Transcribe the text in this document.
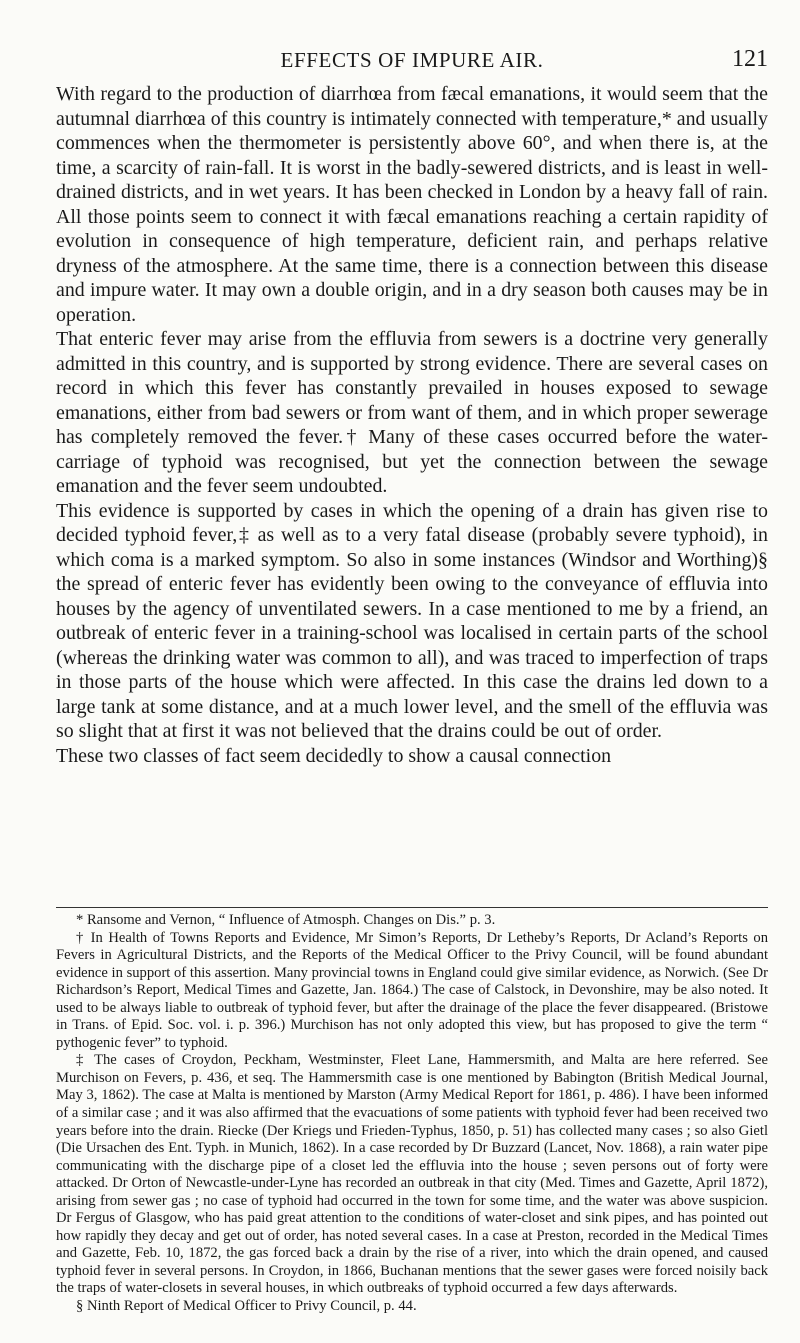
EFFECTS OF IMPURE AIR.	121

With regard to the production of diarrhœa from fæcal emanations, it would seem that the autumnal diarrhœa of this country is intimately connected with temperature,* and usually commences when the thermometer is persistently above 60°, and when there is, at the time, a scarcity of rain-fall. It is worst in the badly-sewered districts, and is least in well-drained districts, and in wet years. It has been checked in London by a heavy fall of rain. All those points seem to connect it with fæcal emanations reaching a certain rapidity of evolution in consequence of high temperature, deficient rain, and perhaps relative dryness of the atmosphere. At the same time, there is a connection between this disease and impure water. It may own a double origin, and in a dry season both causes may be in operation.

That enteric fever may arise from the effluvia from sewers is a doctrine very generally admitted in this country, and is supported by strong evidence. There are several cases on record in which this fever has constantly prevailed in houses exposed to sewage emanations, either from bad sewers or from want of them, and in which proper sewerage has completely removed the fever.† Many of these cases occurred before the water-carriage of typhoid was recognised, but yet the connection between the sewage emanation and the fever seem undoubted.

This evidence is supported by cases in which the opening of a drain has given rise to decided typhoid fever,‡ as well as to a very fatal disease (probably severe typhoid), in which coma is a marked symptom. So also in some instances (Windsor and Worthing)§ the spread of enteric fever has evidently been owing to the conveyance of effluvia into houses by the agency of unventilated sewers. In a case mentioned to me by a friend, an outbreak of enteric fever in a training-school was localised in certain parts of the school (whereas the drinking water was common to all), and was traced to imperfection of traps in those parts of the house which were affected. In this case the drains led down to a large tank at some distance, and at a much lower level, and the smell of the effluvia was so slight that at first it was not believed that the drains could be out of order.

These two classes of fact seem decidedly to show a causal connection

* Ransome and Vernon, “ Influence of Atmosph. Changes on Dis.” p. 3.

† In Health of Towns Reports and Evidence, Mr Simon’s Reports, Dr Letheby’s Reports, Dr Acland’s Reports on Fevers in Agricultural Districts, and the Reports of the Medical Officer to the Privy Council, will be found abundant evidence in support of this assertion. Many provincial towns in England could give similar evidence, as Norwich. (See Dr Richardson’s Report, Medical Times and Gazette, Jan. 1864.) The case of Calstock, in Devonshire, may be also noted. It used to be always liable to outbreak of typhoid fever, but after the drainage of the place the fever disappeared. (Bristowe in Trans. of Epid. Soc. vol. i. p. 396.) Murchison has not only adopted this view, but has proposed to give the term “ pythogenic fever” to typhoid.

‡ The cases of Croydon, Peckham, Westminster, Fleet Lane, Hammersmith, and Malta are here referred. See Murchison on Fevers, p. 436, et seq. The Hammersmith case is one mentioned by Babington (British Medical Journal, May 3, 1862). The case at Malta is mentioned by Marston (Army Medical Report for 1861, p. 486). I have been informed of a similar case ; and it was also affirmed that the evacuations of some patients with typhoid fever had been received two years before into the drain. Riecke (Der Kriegs und Frieden-Typhus, 1850, p. 51) has collected many cases ; so also Gietl (Die Ursachen des Ent. Typh. in Munich, 1862). In a case recorded by Dr Buzzard (Lancet, Nov. 1868), a rain water pipe communicating with the discharge pipe of a closet led the effluvia into the house ; seven persons out of forty were attacked. Dr Orton of Newcastle-under-Lyne has recorded an outbreak in that city (Med. Times and Gazette, April 1872), arising from sewer gas ; no case of typhoid had occurred in the town for some time, and the water was above suspicion. Dr Fergus of Glasgow, who has paid great attention to the conditions of water-closet and sink pipes, and has pointed out how rapidly they decay and get out of order, has noted several cases. In a case at Preston, recorded in the Medical Times and Gazette, Feb. 10, 1872, the gas forced back a drain by the rise of a river, into which the drain opened, and caused typhoid fever in several persons. In Croydon, in 1866, Buchanan mentions that the sewer gases were forced noisily back the traps of water-closets in several houses, in which outbreaks of typhoid occurred a few days afterwards.

§ Ninth Report of Medical Officer to Privy Council, p. 44.
